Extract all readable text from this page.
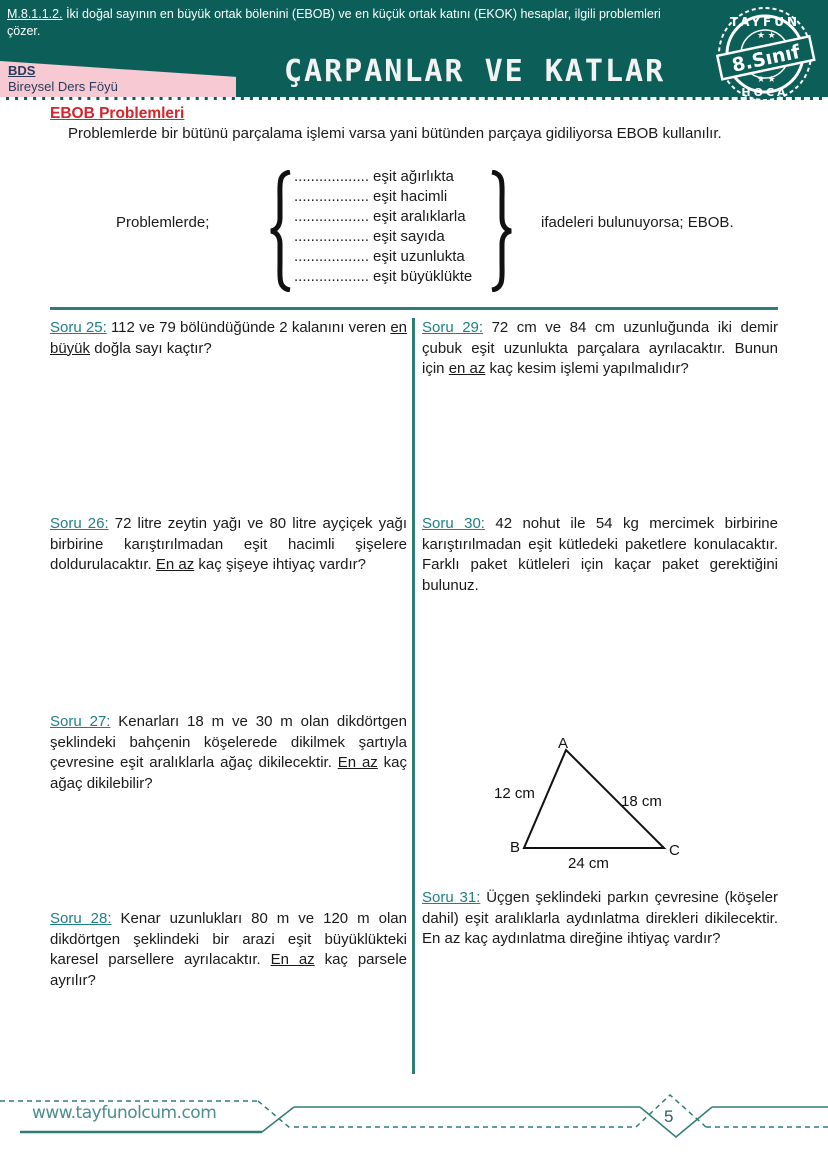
M.8.1.1.2. İki doğal sayının en büyük ortak bölenini (EBOB) ve en küçük ortak katını (EKOK) hesaplar, ilgili problemleri çözer.
BDS
Bireysel Ders Föyü	ÇARPANLAR VE KATLAR
TAYFUN
HOCA
★ ★
★ ★
8.Sınıf
EBOB Problemleri
Problemlerde bir bütünü parçalama işlemi varsa yani bütünden parçaya gidiliyorsa EBOB kullanılır.
Problemlerde;
.................. eşit ağırlıkta
.................. eşit hacimli
.................. eşit aralıklarla
.................. eşit sayıda
.................. eşit uzunlukta
.................. eşit büyüklükte
ifadeleri bulunuyorsa; EBOB.
Soru 25: 112 ve 79 bölündüğünde 2 kalanını veren en büyük doğla sayı kaçtır?
Soru 26: 72 litre zeytin yağı ve 80 litre ayçiçek yağı birbirine karıştırılmadan eşit hacimli şişelere doldurulacaktır. En az kaç şişeye ihtiyaç vardır?
Soru 27: Kenarları 18 m ve 30 m olan dikdörtgen şeklindeki bahçenin köşelerede dikilmek şartıyla çevresine eşit aralıklarla ağaç dikilecektir. En az kaç ağaç dikilebilir?
Soru 28: Kenar uzunlukları 80 m ve 120 m olan dikdörtgen şeklindeki bir arazi eşit büyüklükteki karesel parsellere ayrılacaktır. En az kaç parsele ayrılır?
Soru 29: 72 cm ve 84 cm uzunluğunda iki demir çubuk eşit uzunlukta parçalara ayrılacaktır. Bunun için en az kaç kesim işlemi yapılmalıdır?
Soru 30: 42 nohut ile 54 kg mercimek birbirine karıştırılmadan eşit kütledeki paketlere konulacaktır. Farklı paket kütleleri için kaçar paket gerektiğini bulunuz.
A
B	C
12 cm	18 cm
24 cm
Soru 31: Üçgen şeklindeki parkın çevresine (köşeler dahil) eşit aralıklarla aydınlatma direkleri dikilecektir. En az kaç aydınlatma direğine ihtiyaç vardır?
www.tayfunolcum.com	5
